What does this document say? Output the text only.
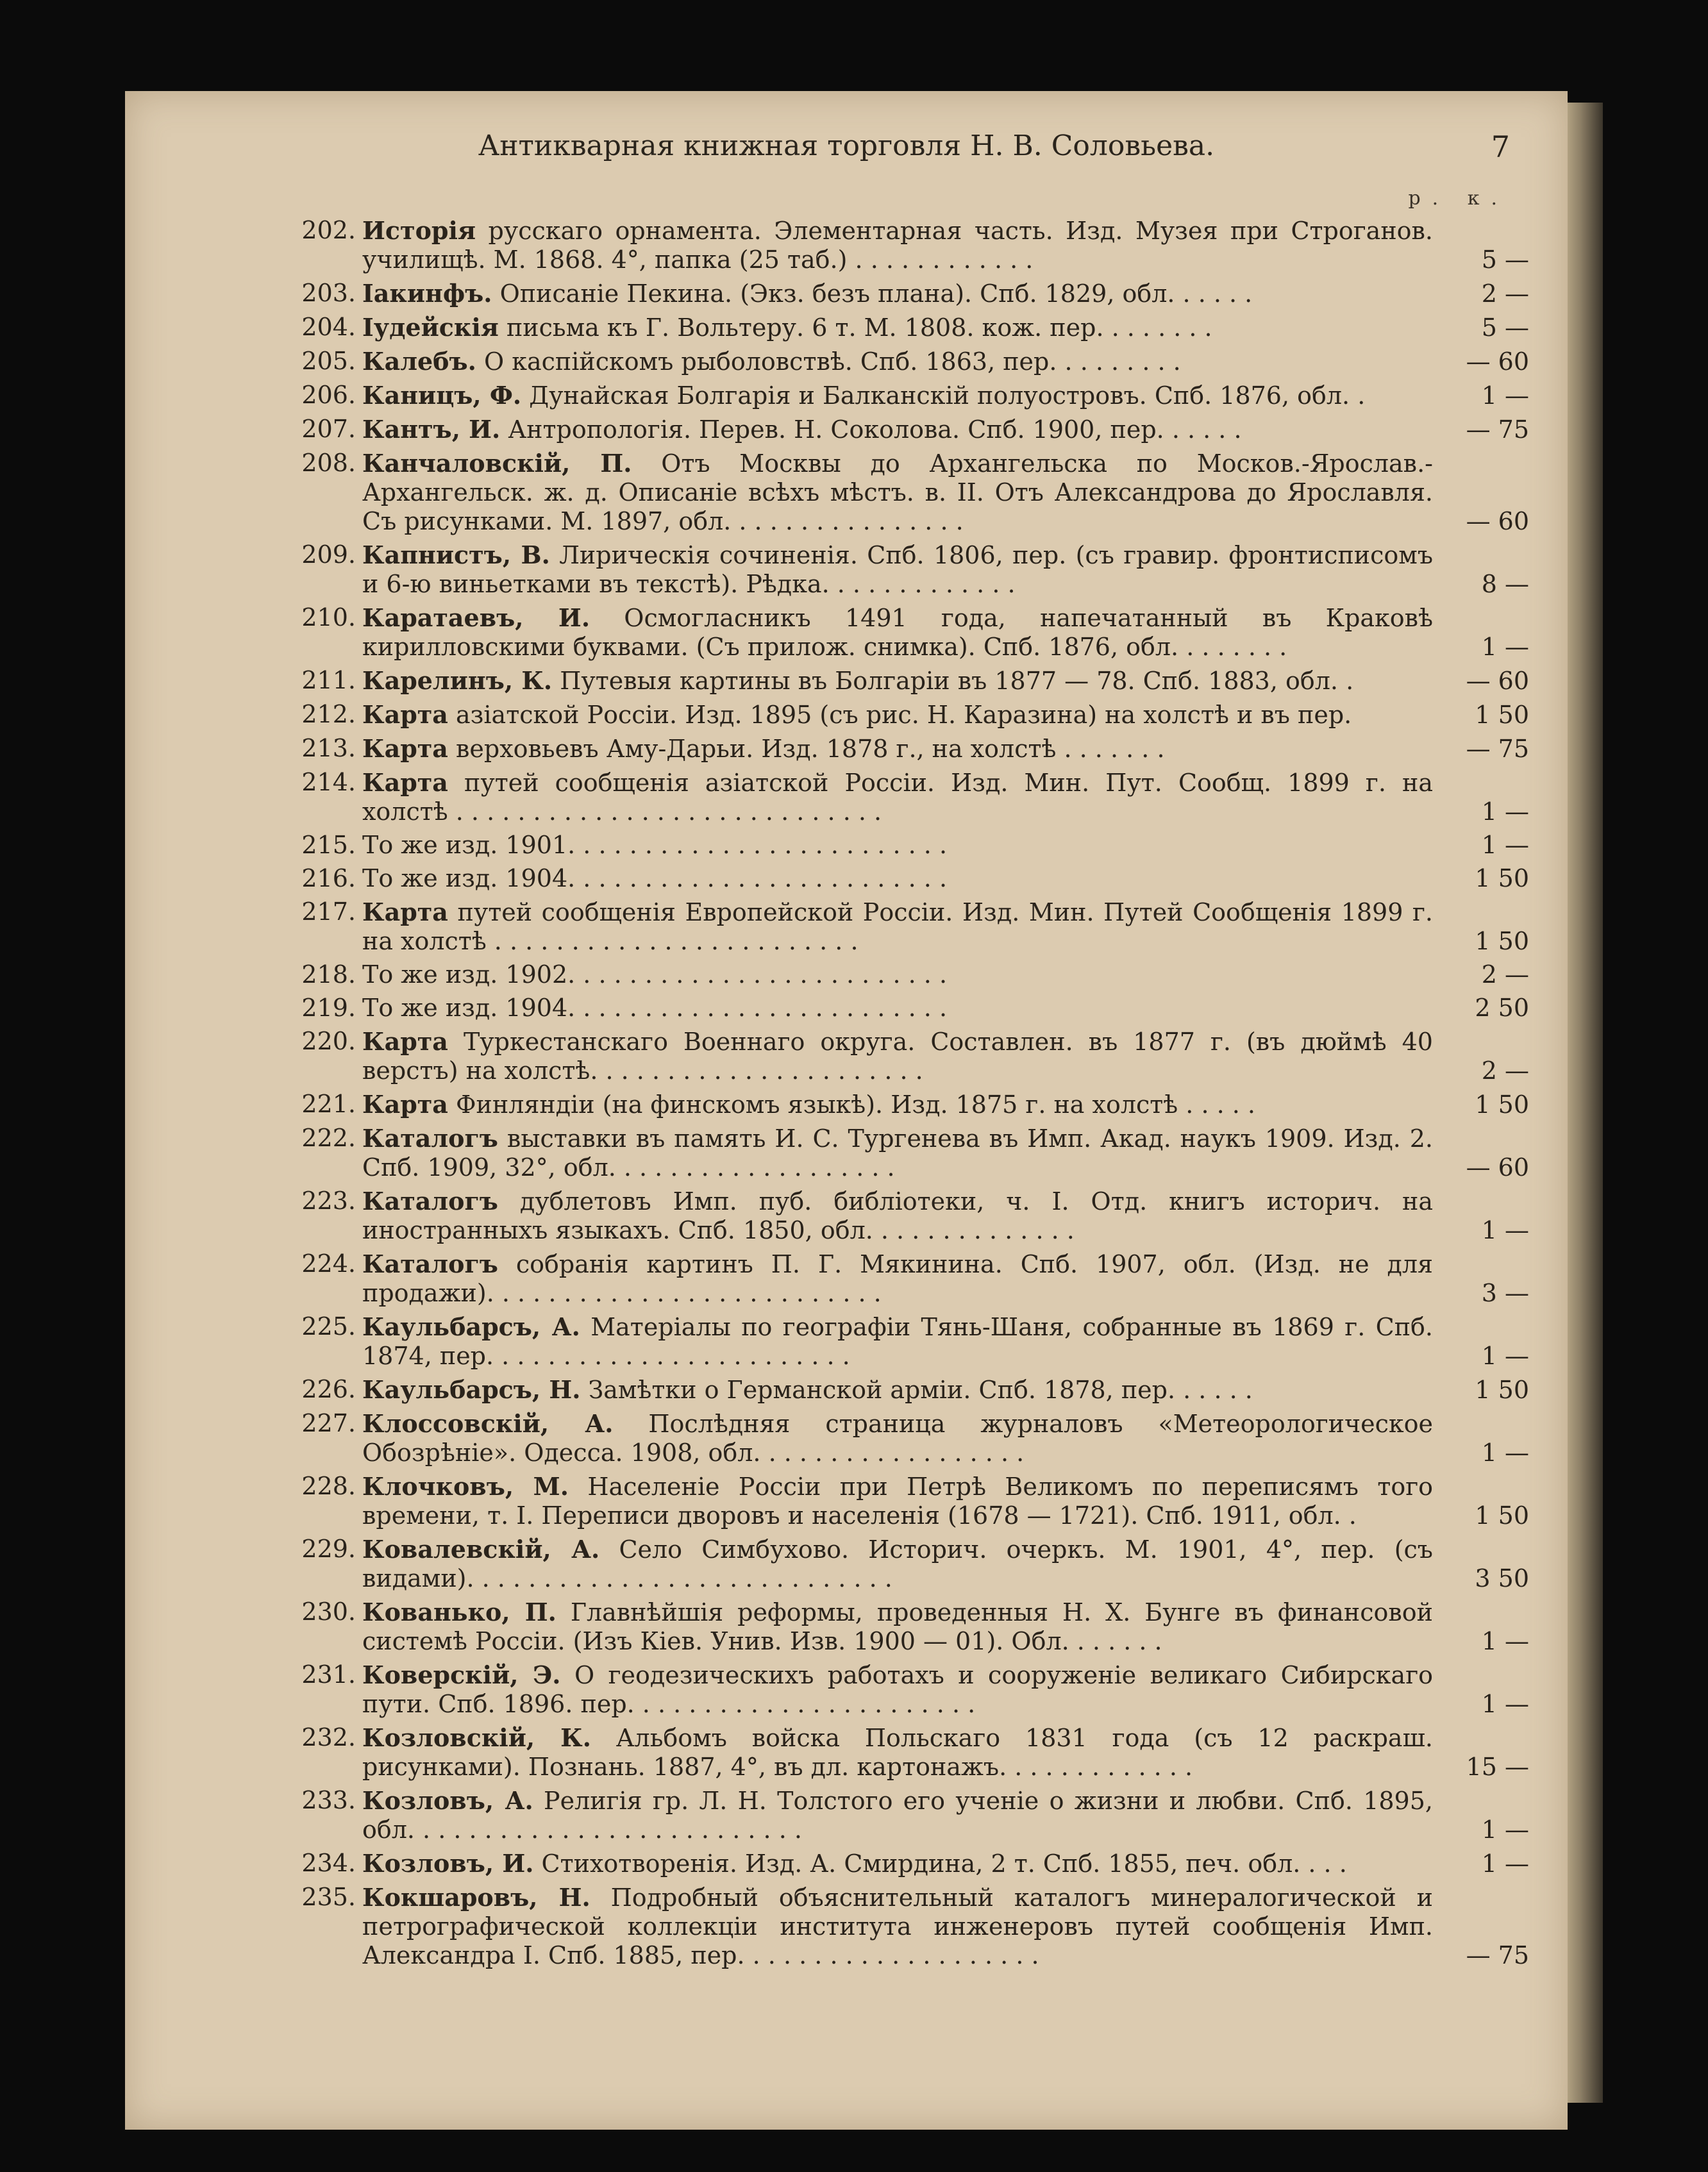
Антикварная книжная торговля Н. В. Соловьева.	7
р. к.
202. Исторія русскаго орнамента. Элементарная часть. Изд. Музея при Строганов. училищѣ. М. 1868. 4°, папка (25 таб.) . . . . . . . . . . . .	5 —
203. Іакинфъ. Описаніе Пекина. (Экз. безъ плана). Спб. 1829, обл. . . . . .	2 —
204. Іудейскія письма къ Г. Вольтеру. 6 т. М. 1808. кож. пер. . . . . . . .	5 —
205. Калебъ. О каспійскомъ рыболовствѣ. Спб. 1863, пер. . . . . . . . .	— 60
206. Каницъ, Ф. Дунайская Болгарія и Балканскій полуостровъ. Спб. 1876, обл. .	1 —
207. Кантъ, И. Антропологія. Перев. Н. Соколова. Спб. 1900, пер. . . . . .	— 75
208. Канчаловскій, П. Отъ Москвы до Архангельска по Москов.-Ярослав.-Архангельск. ж. д. Описаніе всѣхъ мѣстъ. в. II. Отъ Александрова до Ярославля. Съ рисунками. М. 1897, обл. . . . . . . . . . . . . . . .	— 60
209. Капнистъ, В. Лирическія сочиненія. Спб. 1806, пер. (съ гравир. фронтисписомъ и 6-ю виньетками въ текстѣ). Рѣдка. . . . . . . . . . . . .	8 —
210. Каратаевъ, И. Осмогласникъ 1491 года, напечатанный въ Краковѣ кирилловскими буквами. (Съ прилож. снимка). Спб. 1876, обл. . . . . . . .	1 —
211. Карелинъ, К. Путевыя картины въ Болгаріи въ 1877 — 78. Спб. 1883, обл. .	— 60
212. Карта азіатской Россіи. Изд. 1895 (съ рис. Н. Каразина) на холстѣ и въ пер.	1 50
213. Карта верховьевъ Аму-Дарьи. Изд. 1878 г., на холстѣ . . . . . . .	— 75
214. Карта путей сообщенія азіатской Россіи. Изд. Мин. Пут. Сообщ. 1899 г. на холстѣ . . . . . . . . . . . . . . . . . . . . . . . . . . . .	1 —
215. То же изд. 1901. . . . . . . . . . . . . . . . . . . . . . . . .	1 —
216. То же изд. 1904. . . . . . . . . . . . . . . . . . . . . . . . .	1 50
217. Карта путей сообщенія Европейской Россіи. Изд. Мин. Путей Сообщенія 1899 г. на холстѣ . . . . . . . . . . . . . . . . . . . . . . . .	1 50
218. То же изд. 1902. . . . . . . . . . . . . . . . . . . . . . . . .	2 —
219. То же изд. 1904. . . . . . . . . . . . . . . . . . . . . . . . .	2 50
220. Карта Туркестанскаго Военнаго округа. Составлен. въ 1877 г. (въ дюймѣ 40 верстъ) на холстѣ. . . . . . . . . . . . . . . . . . . . . .	2 —
221. Карта Финляндіи (на финскомъ языкѣ). Изд. 1875 г. на холстѣ . . . . .	1 50
222. Каталогъ выставки въ память И. С. Тургенева въ Имп. Акад. наукъ 1909. Изд. 2. Спб. 1909, 32°, обл. . . . . . . . . . . . . . . . . . .	— 60
223. Каталогъ дублетовъ Имп. пуб. библіотеки, ч. I. Отд. книгъ историч. на иностранныхъ языкахъ. Спб. 1850, обл. . . . . . . . . . . . . .	1 —
224. Каталогъ собранія картинъ П. Г. Мякинина. Спб. 1907, обл. (Изд. не для продажи). . . . . . . . . . . . . . . . . . . . . . . . . .	3 —
225. Каульбарсъ, А. Матеріалы по географіи Тянь-Шаня, собранные въ 1869 г. Спб. 1874, пер. . . . . . . . . . . . . . . . . . . . . . . .	1 —
226. Каульбарсъ, Н. Замѣтки о Германской арміи. Спб. 1878, пер. . . . . .	1 50
227. Клоссовскій, А. Послѣдняя страница журналовъ «Метеорологическое Обозрѣніе». Одесса. 1908, обл. . . . . . . . . . . . . . . . . .	1 —
228. Клочковъ, М. Населеніе Россіи при Петрѣ Великомъ по переписямъ того времени, т. I. Переписи дворовъ и населенія (1678 — 1721). Спб. 1911, обл. .	1 50
229. Ковалевскій, А. Село Симбухово. Историч. очеркъ. М. 1901, 4°, пер. (съ видами). . . . . . . . . . . . . . . . . . . . . . . . . . . .	3 50
230. Кованько, П. Главнѣйшія реформы, проведенныя Н. Х. Бунге въ финансовой системѣ Россіи. (Изъ Кіев. Унив. Изв. 1900 — 01). Обл. . . . . . .	1 —
231. Коверскій, Э. О геодезическихъ работахъ и сооруженіе великаго Сибирскаго пути. Спб. 1896. пер. . . . . . . . . . . . . . . . . . . . . . .	1 —
232. Козловскій, К. Альбомъ войска Польскаго 1831 года (съ 12 раскраш. рисунками). Познань. 1887, 4°, въ дл. картонажъ. . . . . . . . . . . . .	15 —
233. Козловъ, А. Религія гр. Л. Н. Толстого его ученіе о жизни и любви. Спб. 1895, обл. . . . . . . . . . . . . . . . . . . . . . . . . .	1 —
234. Козловъ, И. Стихотворенія. Изд. А. Смирдина, 2 т. Спб. 1855, печ. обл. . . .	1 —
235. Кокшаровъ, Н. Подробный объяснительный каталогъ минералогической и петрографической коллекціи института инженеровъ путей сообщенія Имп. Александра I. Спб. 1885, пер. . . . . . . . . . . . . . . . . . . .	— 75
